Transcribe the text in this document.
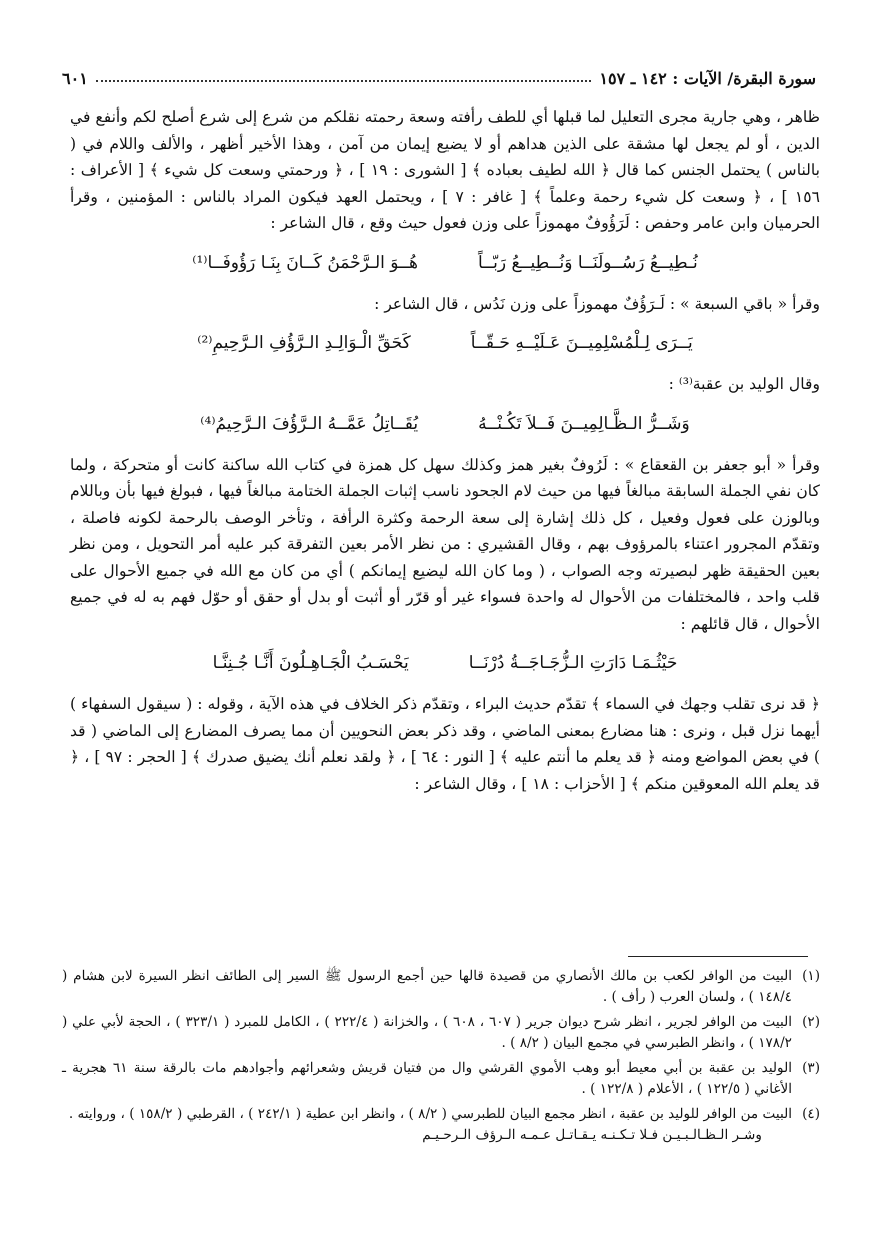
سورة البقرة/ الآيات : ١٤٢ ـ ١٥٧
٦٠١

ظاهر ، وهي جارية مجرى التعليل لما قبلها أي للطف رأفته وسعة رحمته نقلكم من شرع إلى شرع أصلح لكم وأنفع في الدين ، أو لم يجعل لها مشقة على الذين هداهم أو لا يضيع إيمان من آمن ، وهذا الأخير أظهر ، والألف واللام في ( بالناس ) يحتمل الجنس كما قال ﴿ الله لطيف بعباده ﴾ [ الشورى : ١٩ ] ، ﴿ ورحمتي وسعت كل شيء ﴾ [ الأعراف : ١٥٦ ] ، ﴿ وسعت كل شيء رحمة وعلماً ﴾ [ غافر : ٧ ] ، ويحتمل العهد فيكون المراد بالناس : المؤمنين ، وقرأ الحرميان وابن عامر وحفص : لَرَؤُوفٌ مهموزاً على وزن فعول حيث وقع ، قال الشاعر :

نُـطِيــعُ رَسُــولَنَــا وَنُــطِيــعُ رَبّــاً
هُــوَ الـرَّحْمَنُ كَــانَ بِنَـا رَؤُوفَــا⁽¹⁾

وقرأ « باقي السبعة » : لَـرَؤُفٌ مهموزاً على وزن نَدُس ، قال الشاعر :

يَــرَى لِـلْمُسْلِمِيــنَ عَـلَيْــهِ حَـقّــاً
كَحَقِّ الْـوَالِـدِ الـرَّؤُفِ الـرَّحِيمِ⁽²⁾

وقال الوليد بن عقبة⁽³⁾ :

وَشَــرُّ الـظَّـالِمِيــنَ فَــلاَ تَكُـنْــهُ
يُقَــاتِلُ عَمَّــهُ الـرَّؤُفَ الـرَّحِيمُ⁽⁴⁾

وقرأ « أبو جعفر بن القعقاع » : لَرُوفٌ بغير همز وكذلك سهل كل همزة في كتاب الله ساكنة كانت أو متحركة ، ولما كان نفي الجملة السابقة مبالغاً فيها من حيث لام الجحود ناسب إثبات الجملة الختامة مبالغاً فيها ، فبولغ فيها بأن وباللام وبالوزن على فعول وفعيل ، كل ذلك إشارة إلى سعة الرحمة وكثرة الرأفة ، وتأخر الوصف بالرحمة لكونه فاصلة ، وتقدّم المجرور اعتناء بالمرؤوف بهم ، وقال القشيري : من نظر الأمر بعين التفرقة كبر عليه أمر التحويل ، ومن نظر بعين الحقيقة ظهر لبصيرته وجه الصواب ، ( وما كان الله ليضيع إيمانكم ) أي من كان مع الله في جميع الأحوال على قلب واحد ، فالمختلفات من الأحوال له واحدة فسواء غير أو قرّر أو أثبت أو بدل أو حقق أو حوّل فهم به له في جميع الأحوال ، قال قائلهم :

حَيْثُـمَـا دَارَتِ الـزُّجَـاجَــةُ دُرْنَــا
يَحْسَـبُ الْجَـاهِـلُونَ أَنَّـا جُـنِنَّـا

﴿ قد نرى تقلب وجهك في السماء ﴾ تقدّم حديث البراء ، وتقدّم ذكر الخلاف في هذه الآية ، وقوله : ( سيقول السفهاء ) أيهما نزل قبل ، ونرى : هنا مضارع بمعنى الماضي ، وقد ذكر بعض النحويين أن مما يصرف المضارع إلى الماضي ( قد ) في بعض المواضع ومنه ﴿ قد يعلم ما أنتم عليه ﴾ [ النور : ٦٤ ] ، ﴿ ولقد نعلم أنك يضيق صدرك ﴾ [ الحجر : ٩٧ ] ، ﴿ قد يعلم الله المعوقين منكم ﴾ [ الأحزاب : ١٨ ] ، وقال الشاعر :

(١)
البيت من الوافر لكعب بن مالك الأنصاري من قصيدة قالها حين أجمع الرسول ﷺ السير إلى الطائف انظر السيرة لابن هشام ( ١٤٨/٤ ) ، ولسان العرب ( رأف ) .
(٢)
البيت من الوافر لجرير ، انظر شرح ديوان جرير ( ٦٠٧ ، ٦٠٨ ) ، والخزانة ( ٢٢٢/٤ ) ، الكامل للمبرد ( ٣٢٣/١ ) ، الحجة لأبي علي ( ١٧٨/٢ ) ، وانظر الطبرسي في مجمع البيان ( ٨/٢ ) .
(٣)
الوليد بن عقبة بن أبي معيط أبو وهب الأموي القرشي وال من فتيان قريش وشعرائهم وأجوادهم مات بالرقة سنة ٦١ هجرية ـ الأغاني ( ١٢٢/٥ ) ، الأعلام ( ١٢٢/٨ ) .
(٤)
البيت من الوافر للوليد بن عقبة ، انظر مجمع البيان للطبرسي ( ٨/٢ ) ، وانظر ابن عطية ( ٢٤٢/١ ) ، القرطبي ( ١٥٨/٢ ) ، وروايته .
وشـر الـظـالـبـيـن فـلا تـكـنـه يـقـاتـل عـمـه الـرؤف الـرحـيـم
